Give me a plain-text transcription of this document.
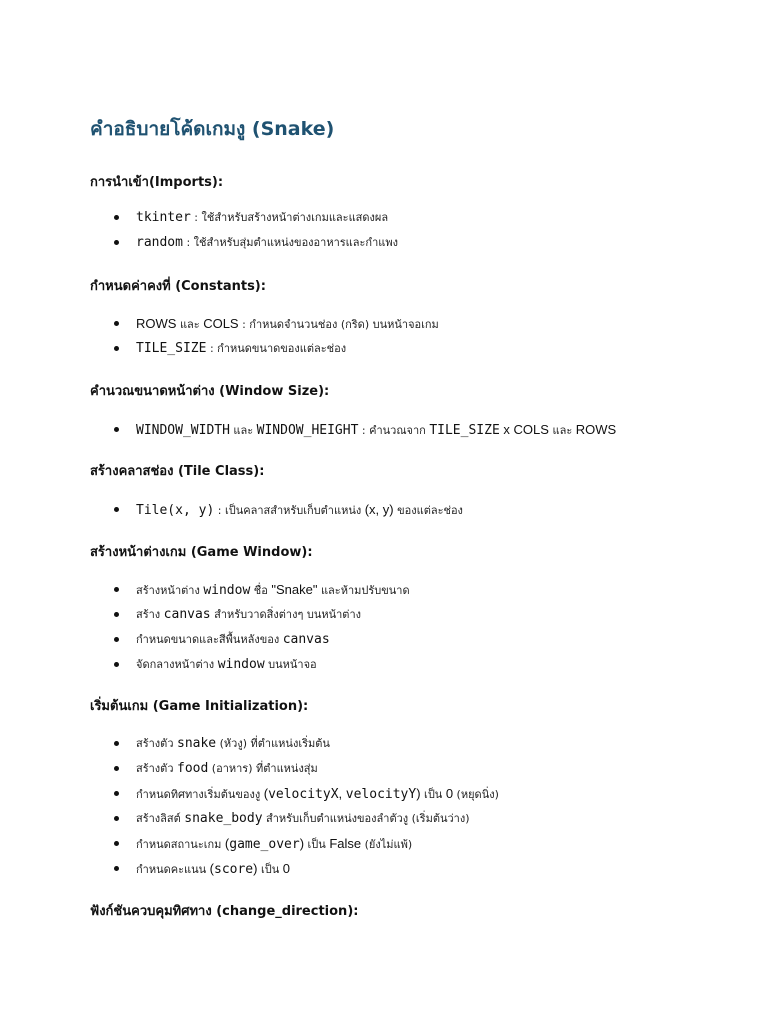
คำอธิบายโค้ดเกมงู (Snake)
การนำเข้า(Imports):
tkinter : ใช้สำหรับสร้างหน้าต่างเกมและแสดงผล
random : ใช้สำหรับสุ่มตำแหน่งของอาหารและกำแพง
กำหนดค่าคงที่ (Constants):
ROWS และ COLS : กำหนดจำนวนช่อง (กริด) บนหน้าจอเกม
TILE_SIZE : กำหนดขนาดของแต่ละช่อง
คำนวณขนาดหน้าต่าง (Window Size):
WINDOW_WIDTH และ WINDOW_HEIGHT : คำนวณจาก TILE_SIZE x COLS และ ROWS
สร้างคลาสช่อง (Tile Class):
Tile(x, y) : เป็นคลาสสำหรับเก็บตำแหน่ง (x, y) ของแต่ละช่อง
สร้างหน้าต่างเกม (Game Window):
สร้างหน้าต่าง window ชื่อ "Snake" และห้ามปรับขนาด
สร้าง canvas สำหรับวาดสิ่งต่างๆ บนหน้าต่าง
กำหนดขนาดและสีพื้นหลังของ canvas
จัดกลางหน้าต่าง window บนหน้าจอ
เริ่มต้นเกม (Game Initialization):
สร้างตัว snake (หัวงู) ที่ตำแหน่งเริ่มต้น
สร้างตัว food (อาหาร) ที่ตำแหน่งสุ่ม
กำหนดทิศทางเริ่มต้นของงู (velocityX, velocityY) เป็น 0 (หยุดนิ่ง)
สร้างลิสต์ snake_body สำหรับเก็บตำแหน่งของลำตัวงู (เริ่มต้นว่าง)
กำหนดสถานะเกม (game_over) เป็น False (ยังไม่แพ้)
กำหนดคะแนน (score) เป็น 0
ฟังก์ชันควบคุมทิศทาง (change_direction):
